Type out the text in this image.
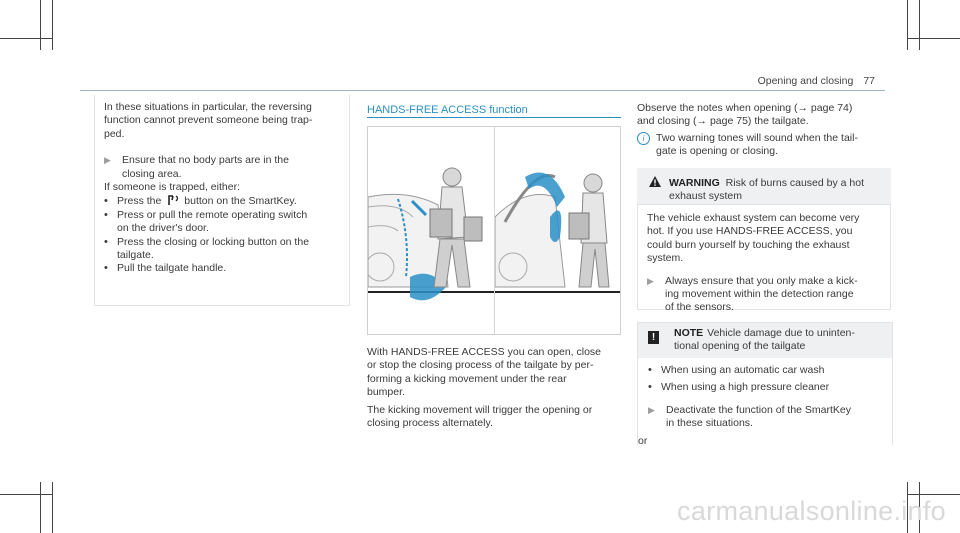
Opening and closing 77
In these situations in particular, the reversing
function cannot prevent someone being trap-
ped.
▶ Ensure that no body parts are in the
closing area.
If someone is trapped, either:
• Press the button on the SmartKey.
• Press or pull the remote operating switch
on the driver's door.
• Press the closing or locking button on the
tailgate.
• Pull the tailgate handle.
HANDS-FREE ACCESS function
With HANDS-FREE ACCESS you can open, close
or stop the closing process of the tailgate by per-
forming a kicking movement under the rear
bumper.
The kicking movement will trigger the opening or
closing process alternately.
Observe the notes when opening (→ page 74)
and closing (→ page 75) the tailgate.
i Two warning tones will sound when the tail-
gate is opening or closing.
WARNING Risk of burns caused by a hot
exhaust system
The vehicle exhaust system can become very
hot. If you use HANDS-FREE ACCESS, you
could burn yourself by touching the exhaust
system.
▶ Always ensure that you only make a kick-
ing movement within the detection range
of the sensors.
!	NOTE Vehicle damage due to uninten-
tional opening of the tailgate
• When using an automatic car wash
• When using a high pressure cleaner
▶ Deactivate the function of the SmartKey
in these situations.
or
carmanualsonline.info
